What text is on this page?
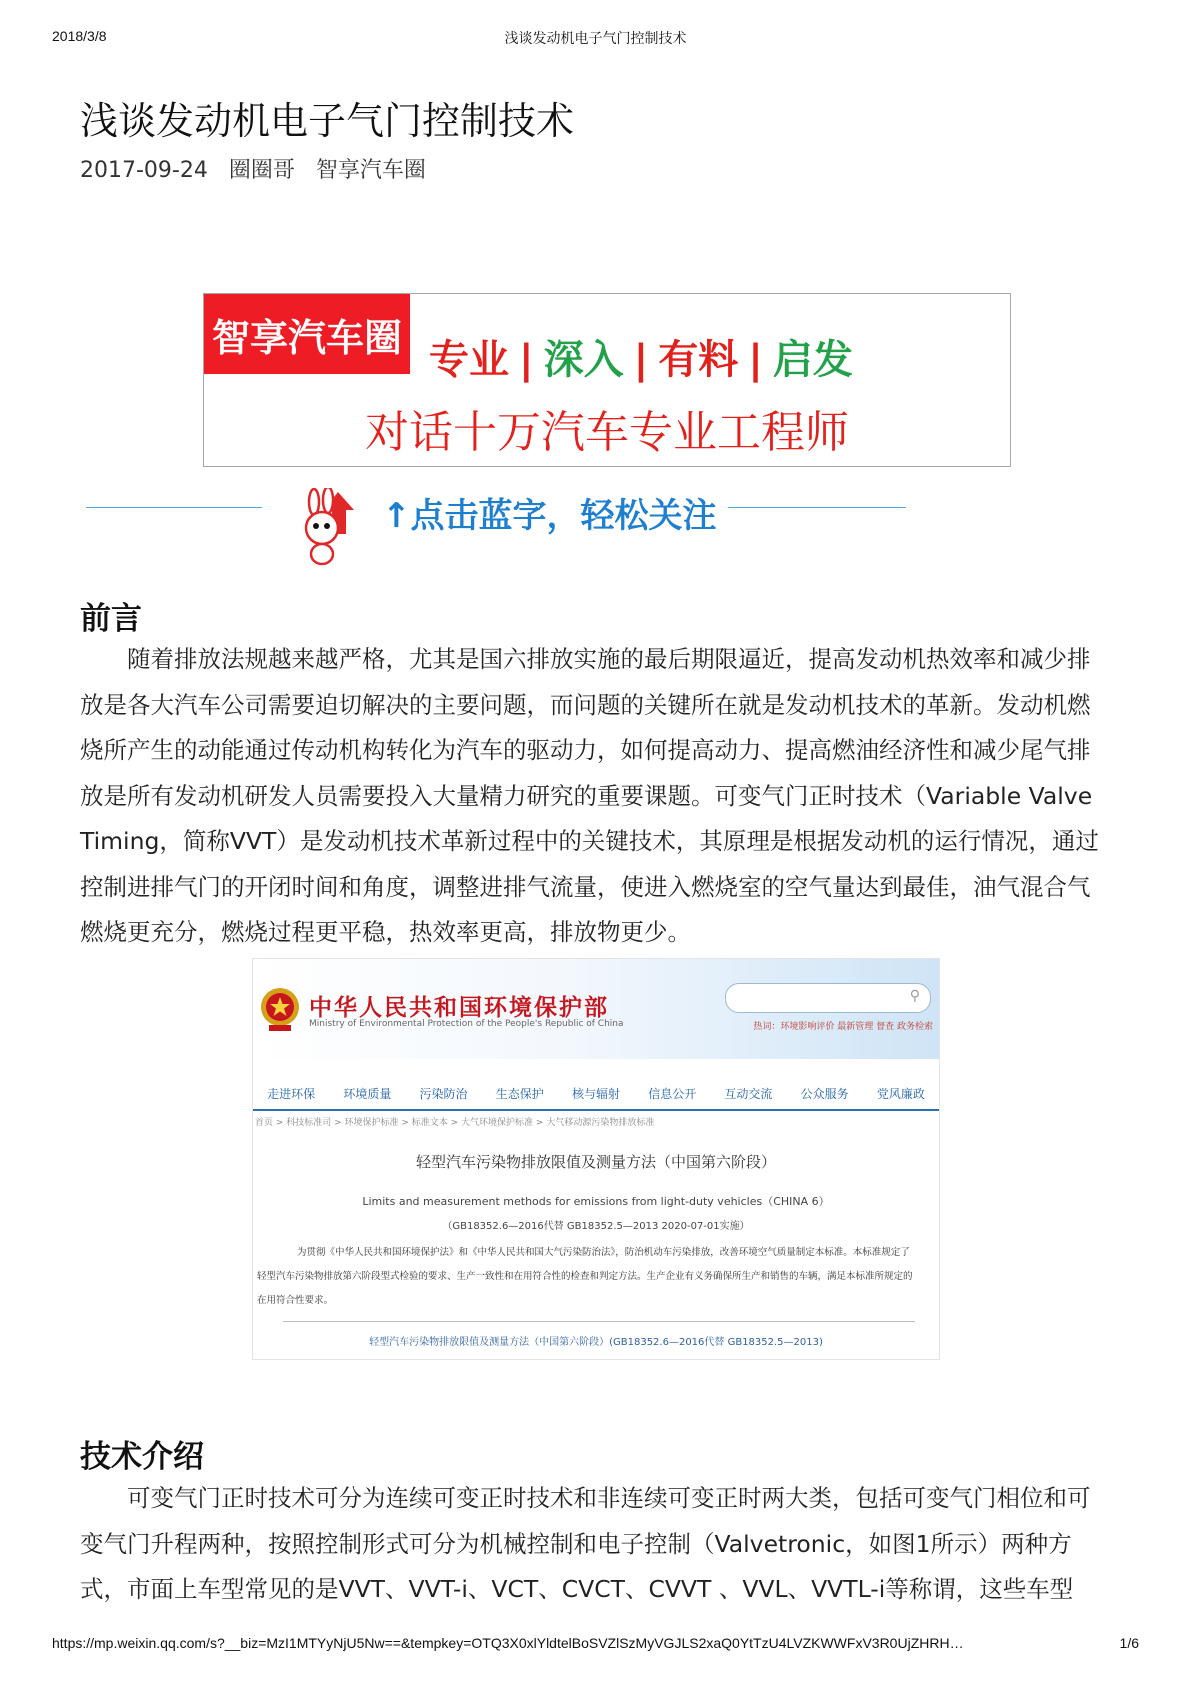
2018/3/8	浅谈发动机电子气门控制技术
浅谈发动机电子气门控制技术
2017-09-24 圈圈哥 智享汽车圈
智享汽车圈 专业 | 深入 | 有料 | 启发
对话十万汽车专业工程师
↑点击蓝字，轻松关注
前言

随着排放法规越来越严格，尤其是国六排放实施的最后期限逼近，提高发动机热效率和减少排放是各大汽车公司需要迫切解决的主要问题，而问题的关键所在就是发动机技术的革新。发动机燃烧所产生的动能通过传动机构转化为汽车的驱动力，如何提高动力、提高燃油经济性和减少尾气排放是所有发动机研发人员需要投入大量精力研究的重要课题。可变气门正时技术（Variable Valve Timing，简称VVT）是发动机技术革新过程中的关键技术，其原理是根据发动机的运行情况，通过控制进排气门的开闭时间和角度，调整进排气流量，使进入燃烧室的空气量达到最佳，油气混合气燃烧更充分，燃烧过程更平稳，热效率更高，排放物更少。

中华人民共和国环境保护部
Ministry of Environmental Protection of the People's Republic of China
⚲
热词：环境影响评价 最新管理 督查 政务检索
走进环保 环境质量 污染防治 生态保护 核与辐射 信息公开 互动交流 公众服务 党风廉政
首页 > 科技标准司 > 环境保护标准 > 标准文本 > 大气环境保护标准 > 大气移动源污染物排放标准
轻型汽车污染物排放限值及测量方法（中国第六阶段）
Limits and measurement methods for emissions from light-duty vehicles（CHINA 6）
（GB18352.6—2016代替 GB18352.5—2013 2020-07-01实施）
为贯彻《中华人民共和国环境保护法》和《中华人民共和国大气污染防治法》，防治机动车污染排放，改善环境空气质量制定本标准。本标准规定了轻型汽车污染物排放第六阶段型式检验的要求、生产一致性和在用符合性的检查和判定方法。生产企业有义务确保所生产和销售的车辆，满足本标准所规定的在用符合性要求。
轻型汽车污染物排放限值及测量方法（中国第六阶段）(GB18352.6—2016代替 GB18352.5—2013)
技术介绍

可变气门正时技术可分为连续可变正时技术和非连续可变正时两大类，包括可变气门相位和可变气门升程两种，按照控制形式可分为机械控制和电子控制（Valvetronic，如图1所示）两种方式，市面上车型常见的是VVT、VVT-i、VCT、CVCT、CVVT 、VVL、VVTL-i等称谓，这些车型

https://mp.weixin.qq.com/s?__biz=MzI1MTYyNjU5Nw==&tempkey=OTQ3X0xlYldtelBoSVZlSzMyVGJLS2xaQ0YtTzU4LVZKWWFxV3R0UjZHRH…	1/6
